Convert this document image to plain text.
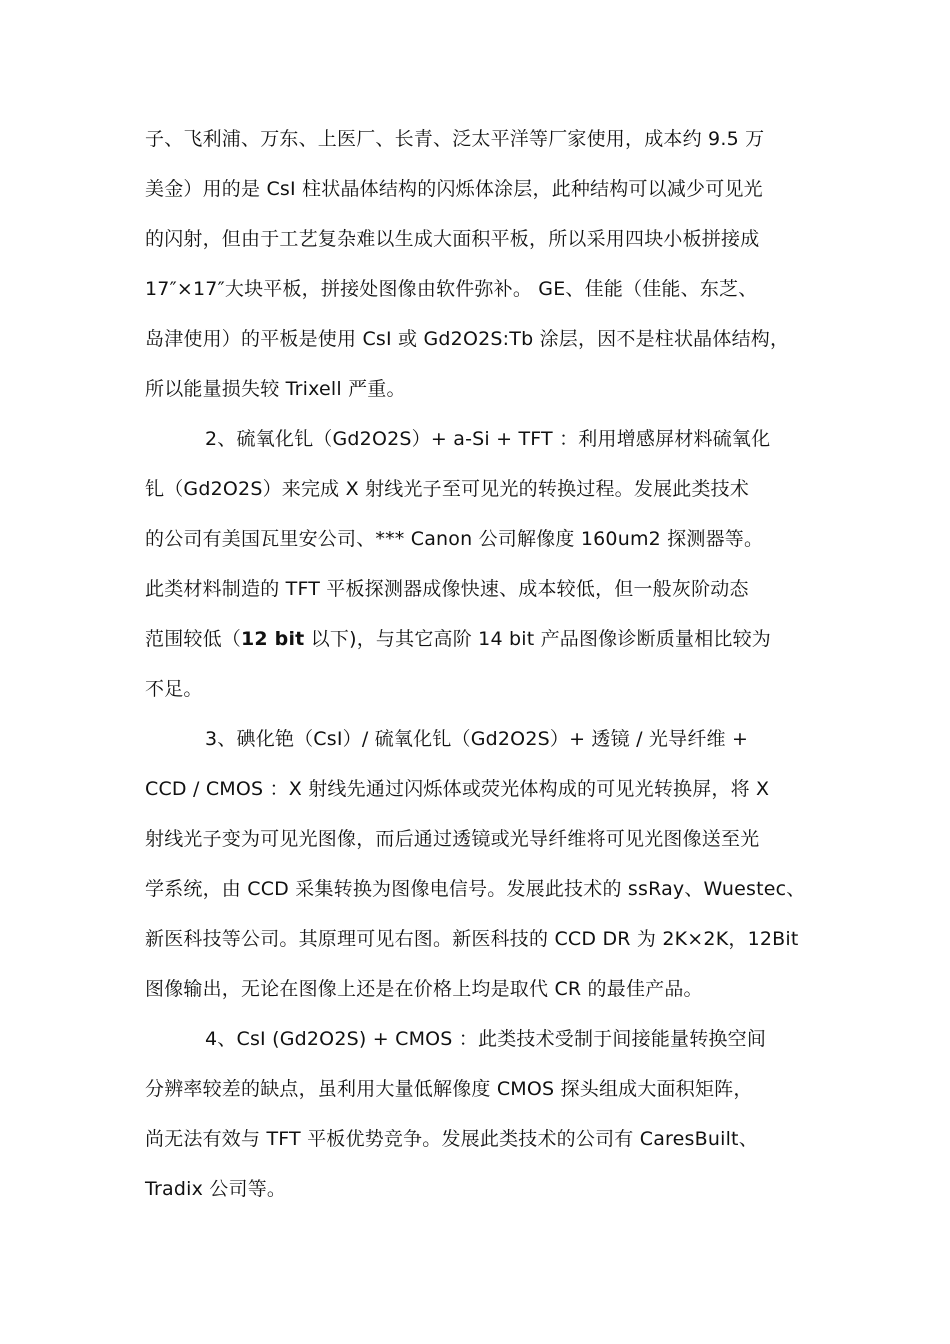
子、飞利浦、万东、上医厂、长青、泛太平洋等厂家使用，成本约 9.5 万
美金）用的是 CsI 柱状晶体结构的闪烁体涂层，此种结构可以减少可见光
的闪射，但由于工艺复杂难以生成大面积平板，所以采用四块小板拼接成
17″×17″大块平板，拼接处图像由软件弥补。 GE、佳能（佳能、东芝、
岛津使用）的平板是使用 CsI 或 Gd2O2S:Tb 涂层，因不是柱状晶体结构，
所以能量损失较 Trixell 严重。
2、硫氧化钆（Gd2O2S）+ a-Si + TFT ：利用增感屏材料硫氧化
钆（Gd2O2S）来完成 X 射线光子至可见光的转换过程。发展此类技术
的公司有美国瓦里安公司、*** Canon 公司解像度 160um2 探测器等。
此类材料制造的 TFT 平板探测器成像快速、成本较低，但一般灰阶动态
范围较低（12 bit 以下)，与其它高阶 14 bit 产品图像诊断质量相比较为
不足。
3、碘化铯（CsI）/ 硫氧化钆（Gd2O2S）+ 透镜 / 光导纤维 +
CCD / CMOS ：X 射线先通过闪烁体或荧光体构成的可见光转换屏，将 X
射线光子变为可见光图像，而后通过透镜或光导纤维将可见光图像送至光
学系统，由 CCD 采集转换为图像电信号。发展此技术的 ssRay、Wuestec、
新医科技等公司。其原理可见右图。新医科技的 CCD DR 为 2K×2K，12Bit
图像输出，无论在图像上还是在价格上均是取代 CR 的最佳产品。
4、CsI (Gd2O2S) + CMOS ：此类技术受制于间接能量转换空间
分辨率较差的缺点，虽利用大量低解像度 CMOS 探头组成大面积矩阵，
尚无法有效与 TFT 平板优势竞争。发展此类技术的公司有 CaresBuilt、
Tradix 公司等。
